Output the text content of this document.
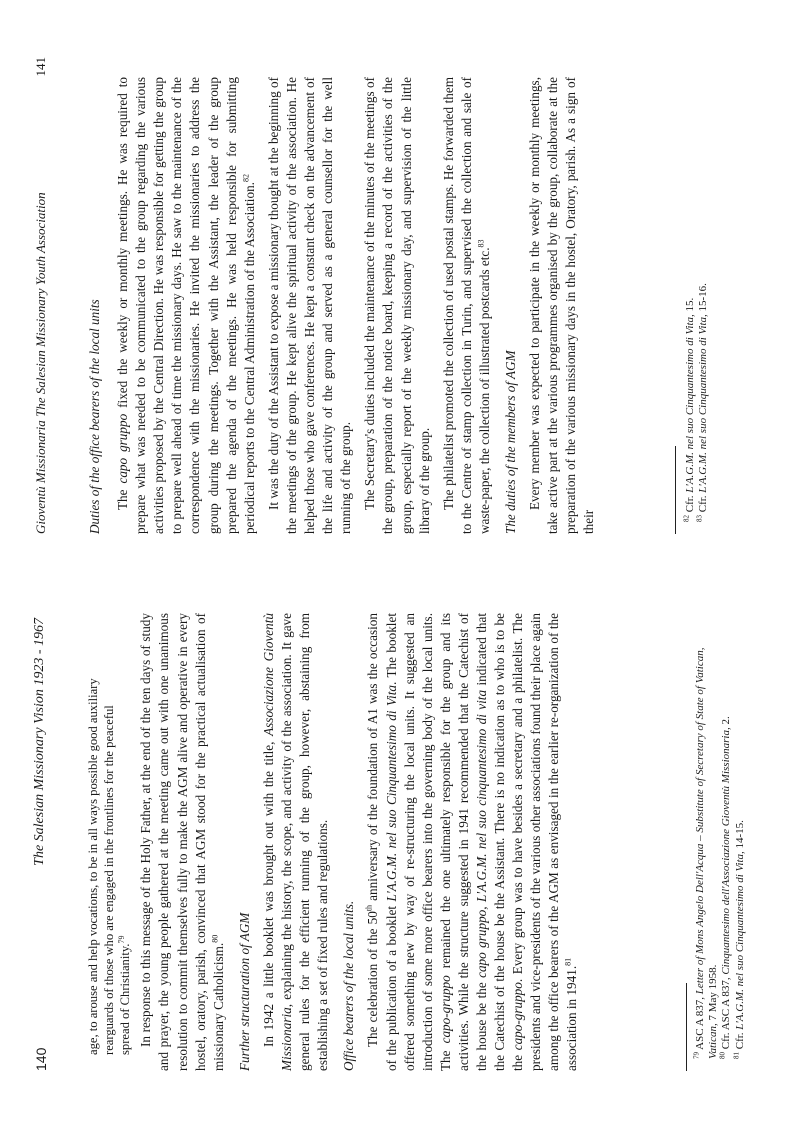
140
The Salesian Missionary Vision 1923 - 1967	age, to arouse and help vocations, to be in all ways possible good auxiliary rearguards of those who are engaged in the frontlines for the peaceful spread of Christianity.$^{79}$ In response to this message of the Holy Father, at the end of the ten days of study and prayer, the young people gathered at the meeting came out with one unanimous resolution to commit themselves fully to make the AGM alive and operative in every hostel, oratory, parish, convinced that AGM stood for the practical actualisation of missionary Catholicism.$^{80}$	Further structuration of AGM In 1942 a little booklet was brought out with the title, Associazione Gioventù Missionaria, explaining the history, the scope, and activity of the association. It gave general rules for the efficient running of the group, however, abstaining from establishing a set of fixed rules and regulations. Office bearers of the local units. The celebration of the 50th anniversary of the foundation of A1 was the occasion of the publication of a booklet L'A.G.M. nel suo Cinquantesimo di Vita. The booklet offered something new by way of re-structuring the local units. It suggested an introduction of some more office bearers into the governing body of the local units. The capo-gruppo remained the one ultimately responsible for the group and its activities. While the structure suggested in 1941 recommended that the Catechist of the house be the capo gruppo, L'A.G.M. nel suo cinquantesimo di vita indicated that the Catechist of the house be the Assistant. There is no indication as to who is to be the capo-gruppo. Every group was to have besides a secretary and a philatelist. The presidents and vice-presidents of the various other associations found their place again among the office bearers of the AGM as envisaged in the earlier re-organization of the association in 1941.81

$^{79}$ ASC A 837, Letter of Mons Angelo Dell'Acqua – Substitute of Secretary of State of Vatican, Vatican, 7 May 1958.

$^{80}$ Cfr. ASC A 837, Cinquantesimo dell'Associazione Gioventù Missionaria, 2.

$^{81}$ Cfr. L'A.G.M. nel suo Cinquantesimo di Vita, 14-15.

Gioventù Missionaria The Salesian Missionary Youth Association
141

Duties of the office bearers of the local units The capo gruppo fixed the weekly or monthly meetings. He was required to prepare what was needed to be communicated to the group regarding the various activities proposed by the Central Direction. He was responsible for getting the group to prepare well ahead of time the missionary days. He saw to the maintenance of the correspondence with the missionaries. He invited the missionaries to address the group during the meetings. Together with the Assistant, the leader of the group prepared the agenda of the meetings. He was held responsible for submitting periodical reports to the Central Administration of the Association.$^{82}$	It was the duty of the Assistant to expose a missionary thought at the beginning of the meetings of the group. He kept alive the spiritual activity of the association. He helped those who gave conferences. He kept a constant check on the advancement of the life and activity of the group and served as a general counsellor for the well running of the group. The Secretary's duties included the maintenance of the minutes of the meetings of the group, preparation of the notice board, keeping a record of the activities of the group, especially report of the weekly missionary day, and supervision of the little library of the group. The philatelist promoted the collection of used postal stamps. He forwarded them to the Centre of stamp collection in Turin, and supervised the collection and sale of waste-paper, the collection of illustrated postcards etc.$^{83}$

The duties of the members of AGM Every member was expected to participate in the weekly or monthly meetings, take active part at the various programmes organised by the group, collaborate at the preparation of the various missionary days in the hostel, Oratory, parish. As a sign of their	$^{82}$ Cfr. L'A.G.M. nel suo Cinquantesimo di Vita, 15.

$^{83}$ Cfr. L'A.G.M. nel suo Cinquantesimo di Vita, 15-16.
